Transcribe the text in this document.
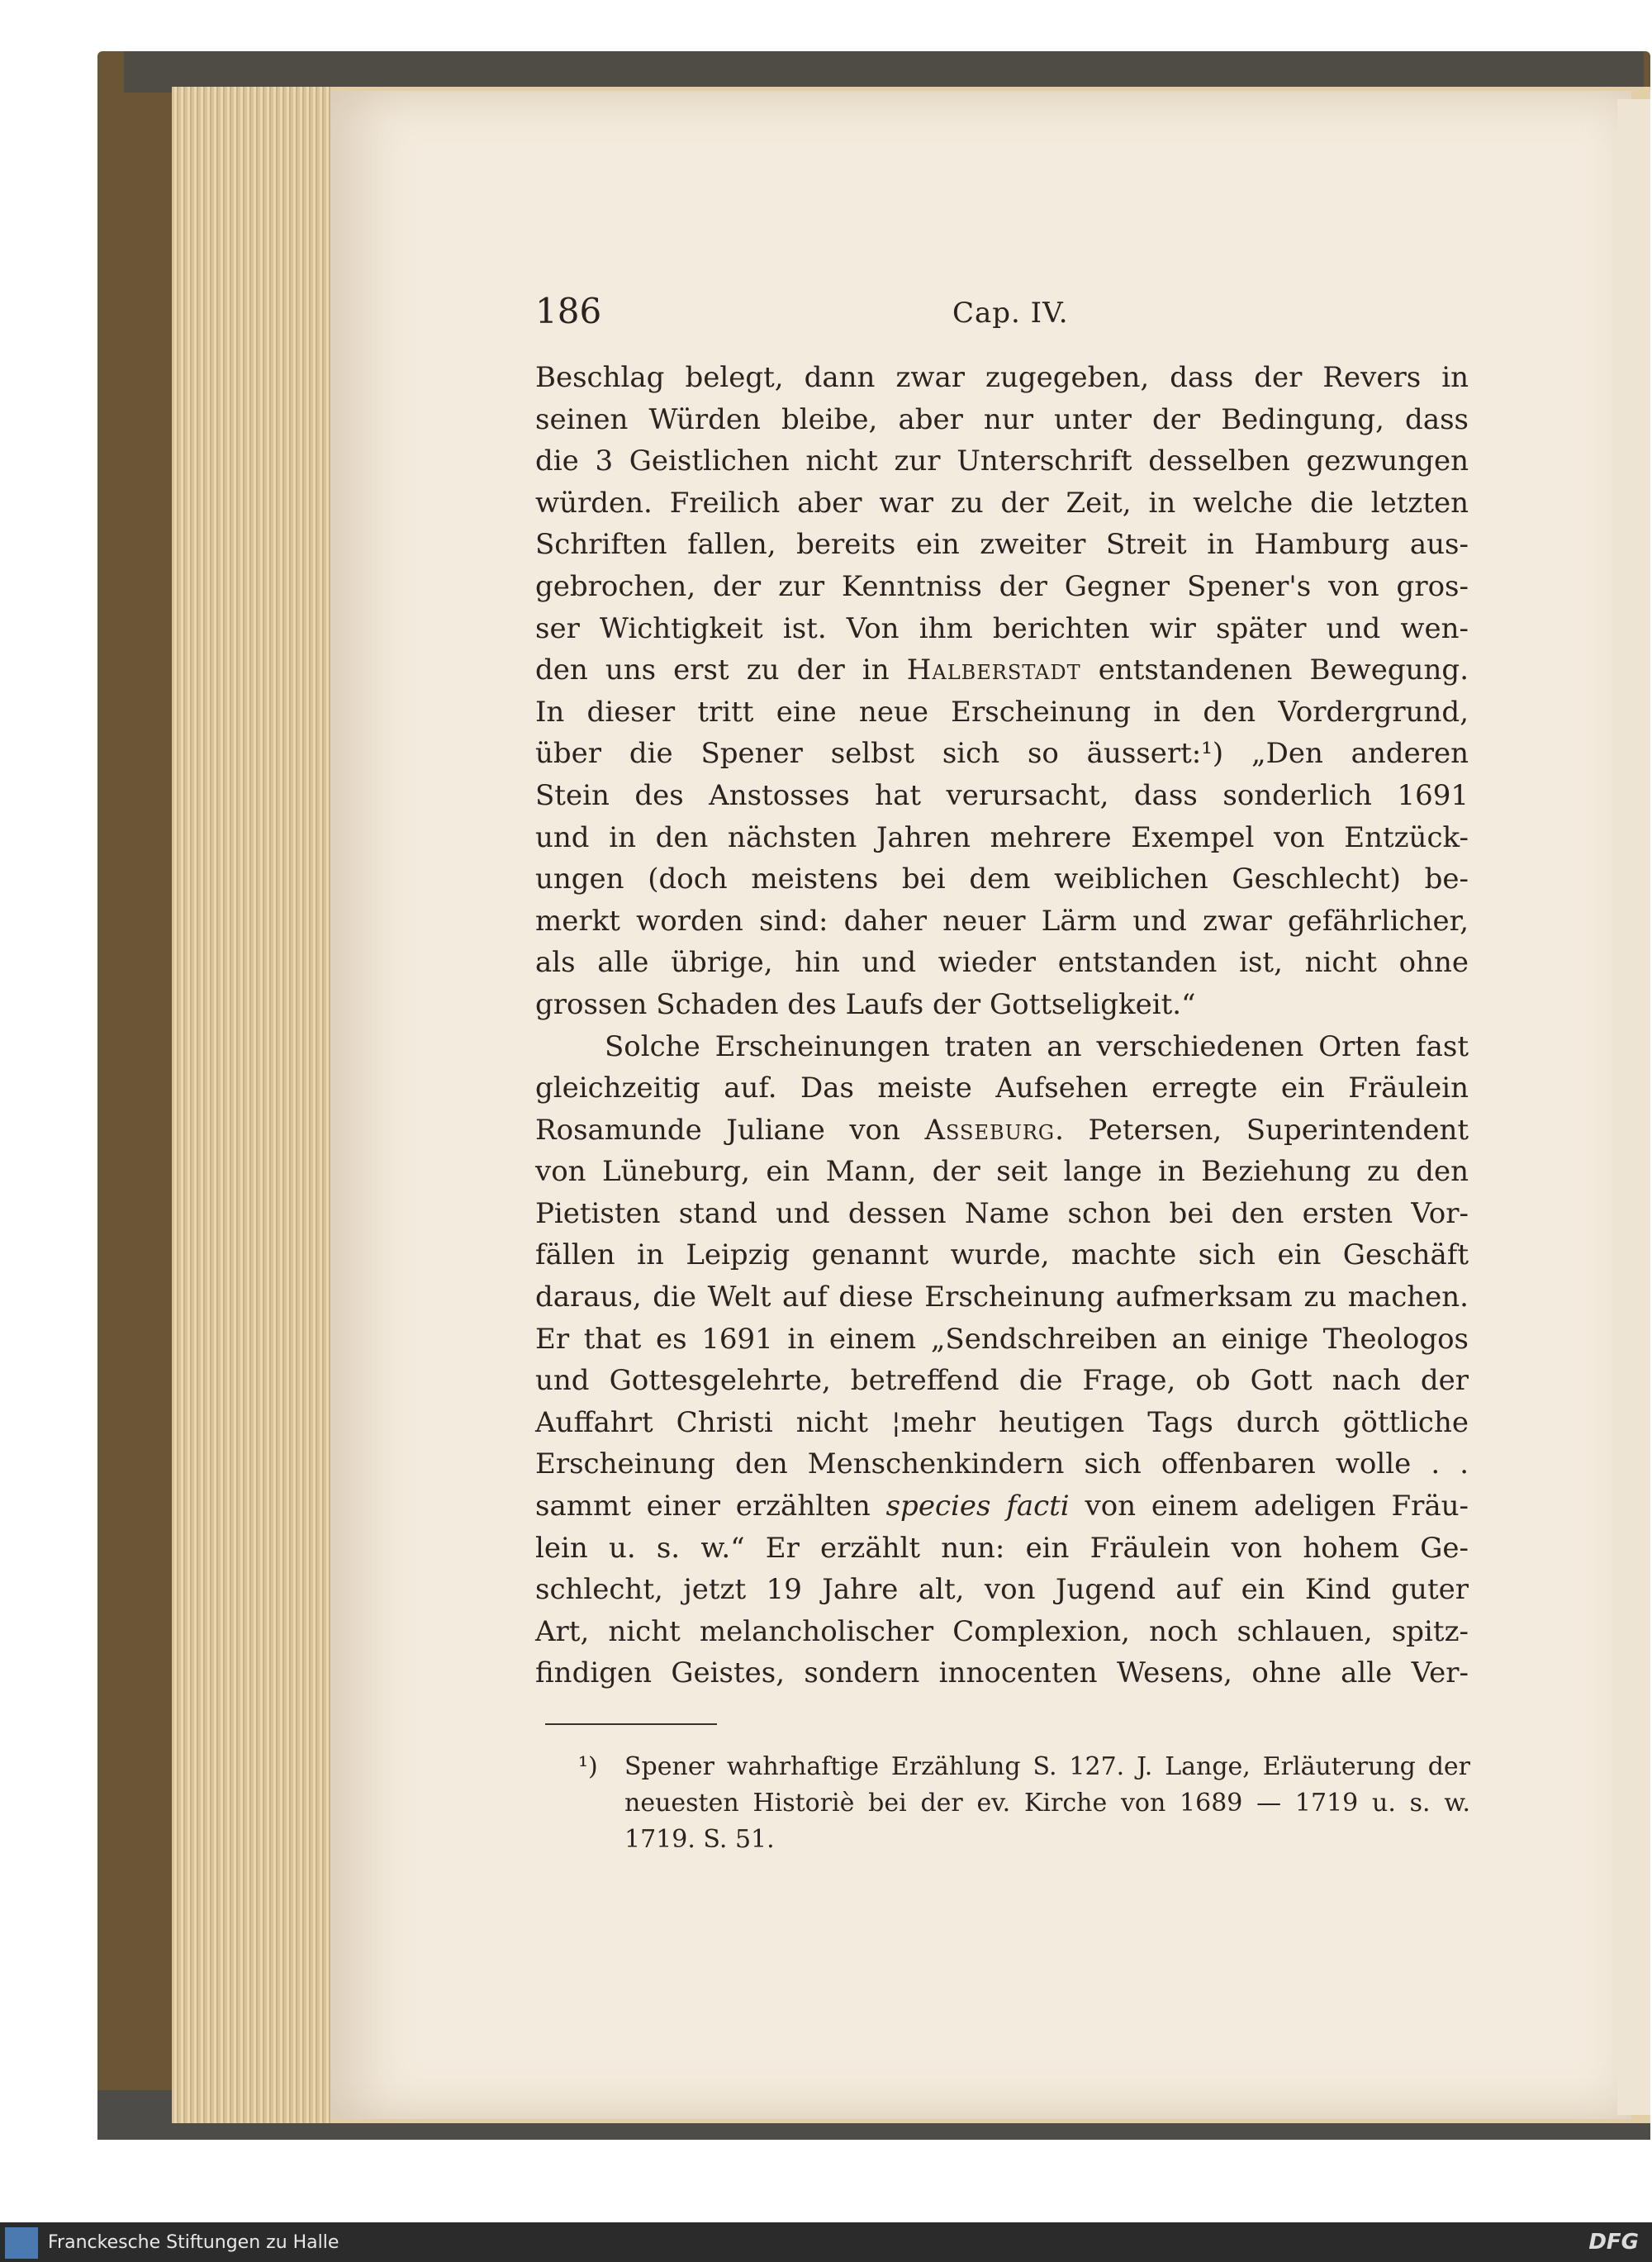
186	Cap. IV.
Beschlag belegt, dann zwar zugegeben, dass der Revers in
seinen Würden bleibe, aber nur unter der Bedingung, dass
die 3 Geistlichen nicht zur Unterschrift desselben gezwungen
würden. Freilich aber war zu der Zeit, in welche die letzten
Schriften fallen, bereits ein zweiter Streit in Hamburg aus-
gebrochen, der zur Kenntniss der Gegner Spener's von gros-
ser Wichtigkeit ist. Von ihm berichten wir später und wen-
den uns erst zu der in Halberstadt entstandenen Bewegung.
In dieser tritt eine neue Erscheinung in den Vordergrund,
über die Spener selbst sich so äussert:¹) „Den anderen
Stein des Anstosses hat verursacht, dass sonderlich 1691
und in den nächsten Jahren mehrere Exempel von Entzück-
ungen (doch meistens bei dem weiblichen Geschlecht) be-
merkt worden sind: daher neuer Lärm und zwar gefährlicher,
als alle übrige, hin und wieder entstanden ist, nicht ohne
grossen Schaden des Laufs der Gottseligkeit.“
Solche Erscheinungen traten an verschiedenen Orten fast
gleichzeitig auf. Das meiste Aufsehen erregte ein Fräulein
Rosamunde Juliane von Asseburg. Petersen, Superintendent
von Lüneburg, ein Mann, der seit lange in Beziehung zu den
Pietisten stand und dessen Name schon bei den ersten Vor-
fällen in Leipzig genannt wurde, machte sich ein Geschäft
daraus, die Welt auf diese Erscheinung aufmerksam zu machen.
Er that es 1691 in einem „Sendschreiben an einige Theologos
und Gottesgelehrte, betreffend die Frage, ob Gott nach der
Auffahrt Christi nicht ¦mehr heutigen Tags durch göttliche
Erscheinung den Menschenkindern sich offenbaren wolle . .
sammt einer erzählten species facti von einem adeligen Fräu-
lein u. s. w.“ Er erzählt nun: ein Fräulein von hohem Ge-
schlecht, jetzt 19 Jahre alt, von Jugend auf ein Kind guter
Art, nicht melancholischer Complexion, noch schlauen, spitz-
findigen Geistes, sondern innocenten Wesens, ohne alle Ver-
¹)	Spener wahrhaftige Erzählung S. 127. J. Lange, Erläuterung der
neuesten Historiè bei der ev. Kirche von 1689 — 1719 u. s. w.
1719. S. 51.
Franckesche Stiftungen zu Halle	DFG
